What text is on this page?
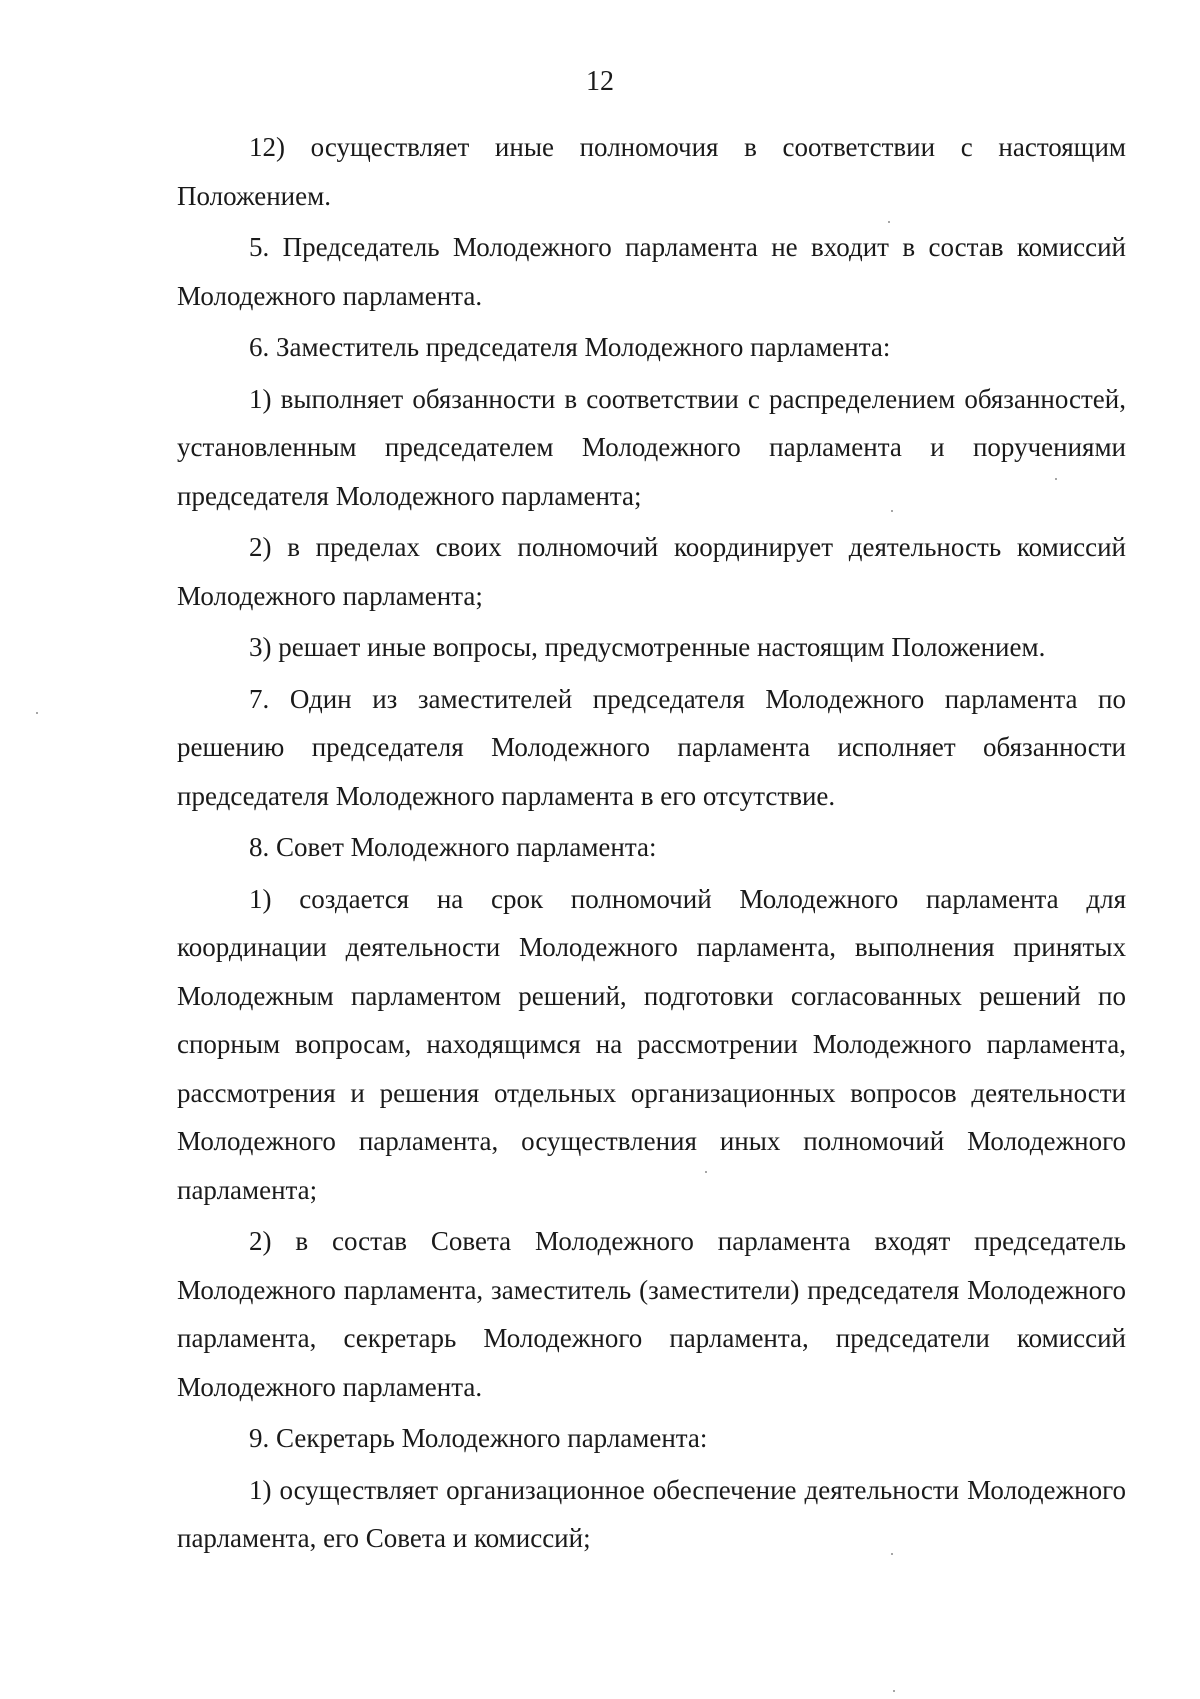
12

12) осуществляет иные полномочия в соответствии с настоящим Положением.

5. Председатель Молодежного парламента не входит в состав комиссий Молодежного парламента.

6. Заместитель председателя Молодежного парламента:

1) выполняет обязанности в соответствии с распределением обязанностей, установленным председателем Молодежного парламента и поручениями председателя Молодежного парламента;

2) в пределах своих полномочий координирует деятельность комиссий Молодежного парламента;

3) решает иные вопросы, предусмотренные настоящим Положением.

7. Один из заместителей председателя Молодежного парламента по решению председателя Молодежного парламента исполняет обязанности председателя Молодежного парламента в его отсутствие.

8. Совет Молодежного парламента:

1) создается на срок полномочий Молодежного парламента для координации деятельности Молодежного парламента, выполнения принятых Молодежным парламентом решений, подготовки согласованных решений по спорным вопросам, находящимся на рассмотрении Молодежного парламента, рассмотрения и решения отдельных организационных вопросов деятельности Молодежного парламента, осуществления иных полномочий Молодежного парламента;

2) в состав Совета Молодежного парламента входят председатель Молодежного парламента, заместитель (заместители) председателя Молодежного парламента, секретарь Молодежного парламента, председатели комиссий Молодежного парламента.

9. Секретарь Молодежного парламента:

1) осуществляет организационное обеспечение деятельности Молодежного парламента, его Совета и комиссий;
